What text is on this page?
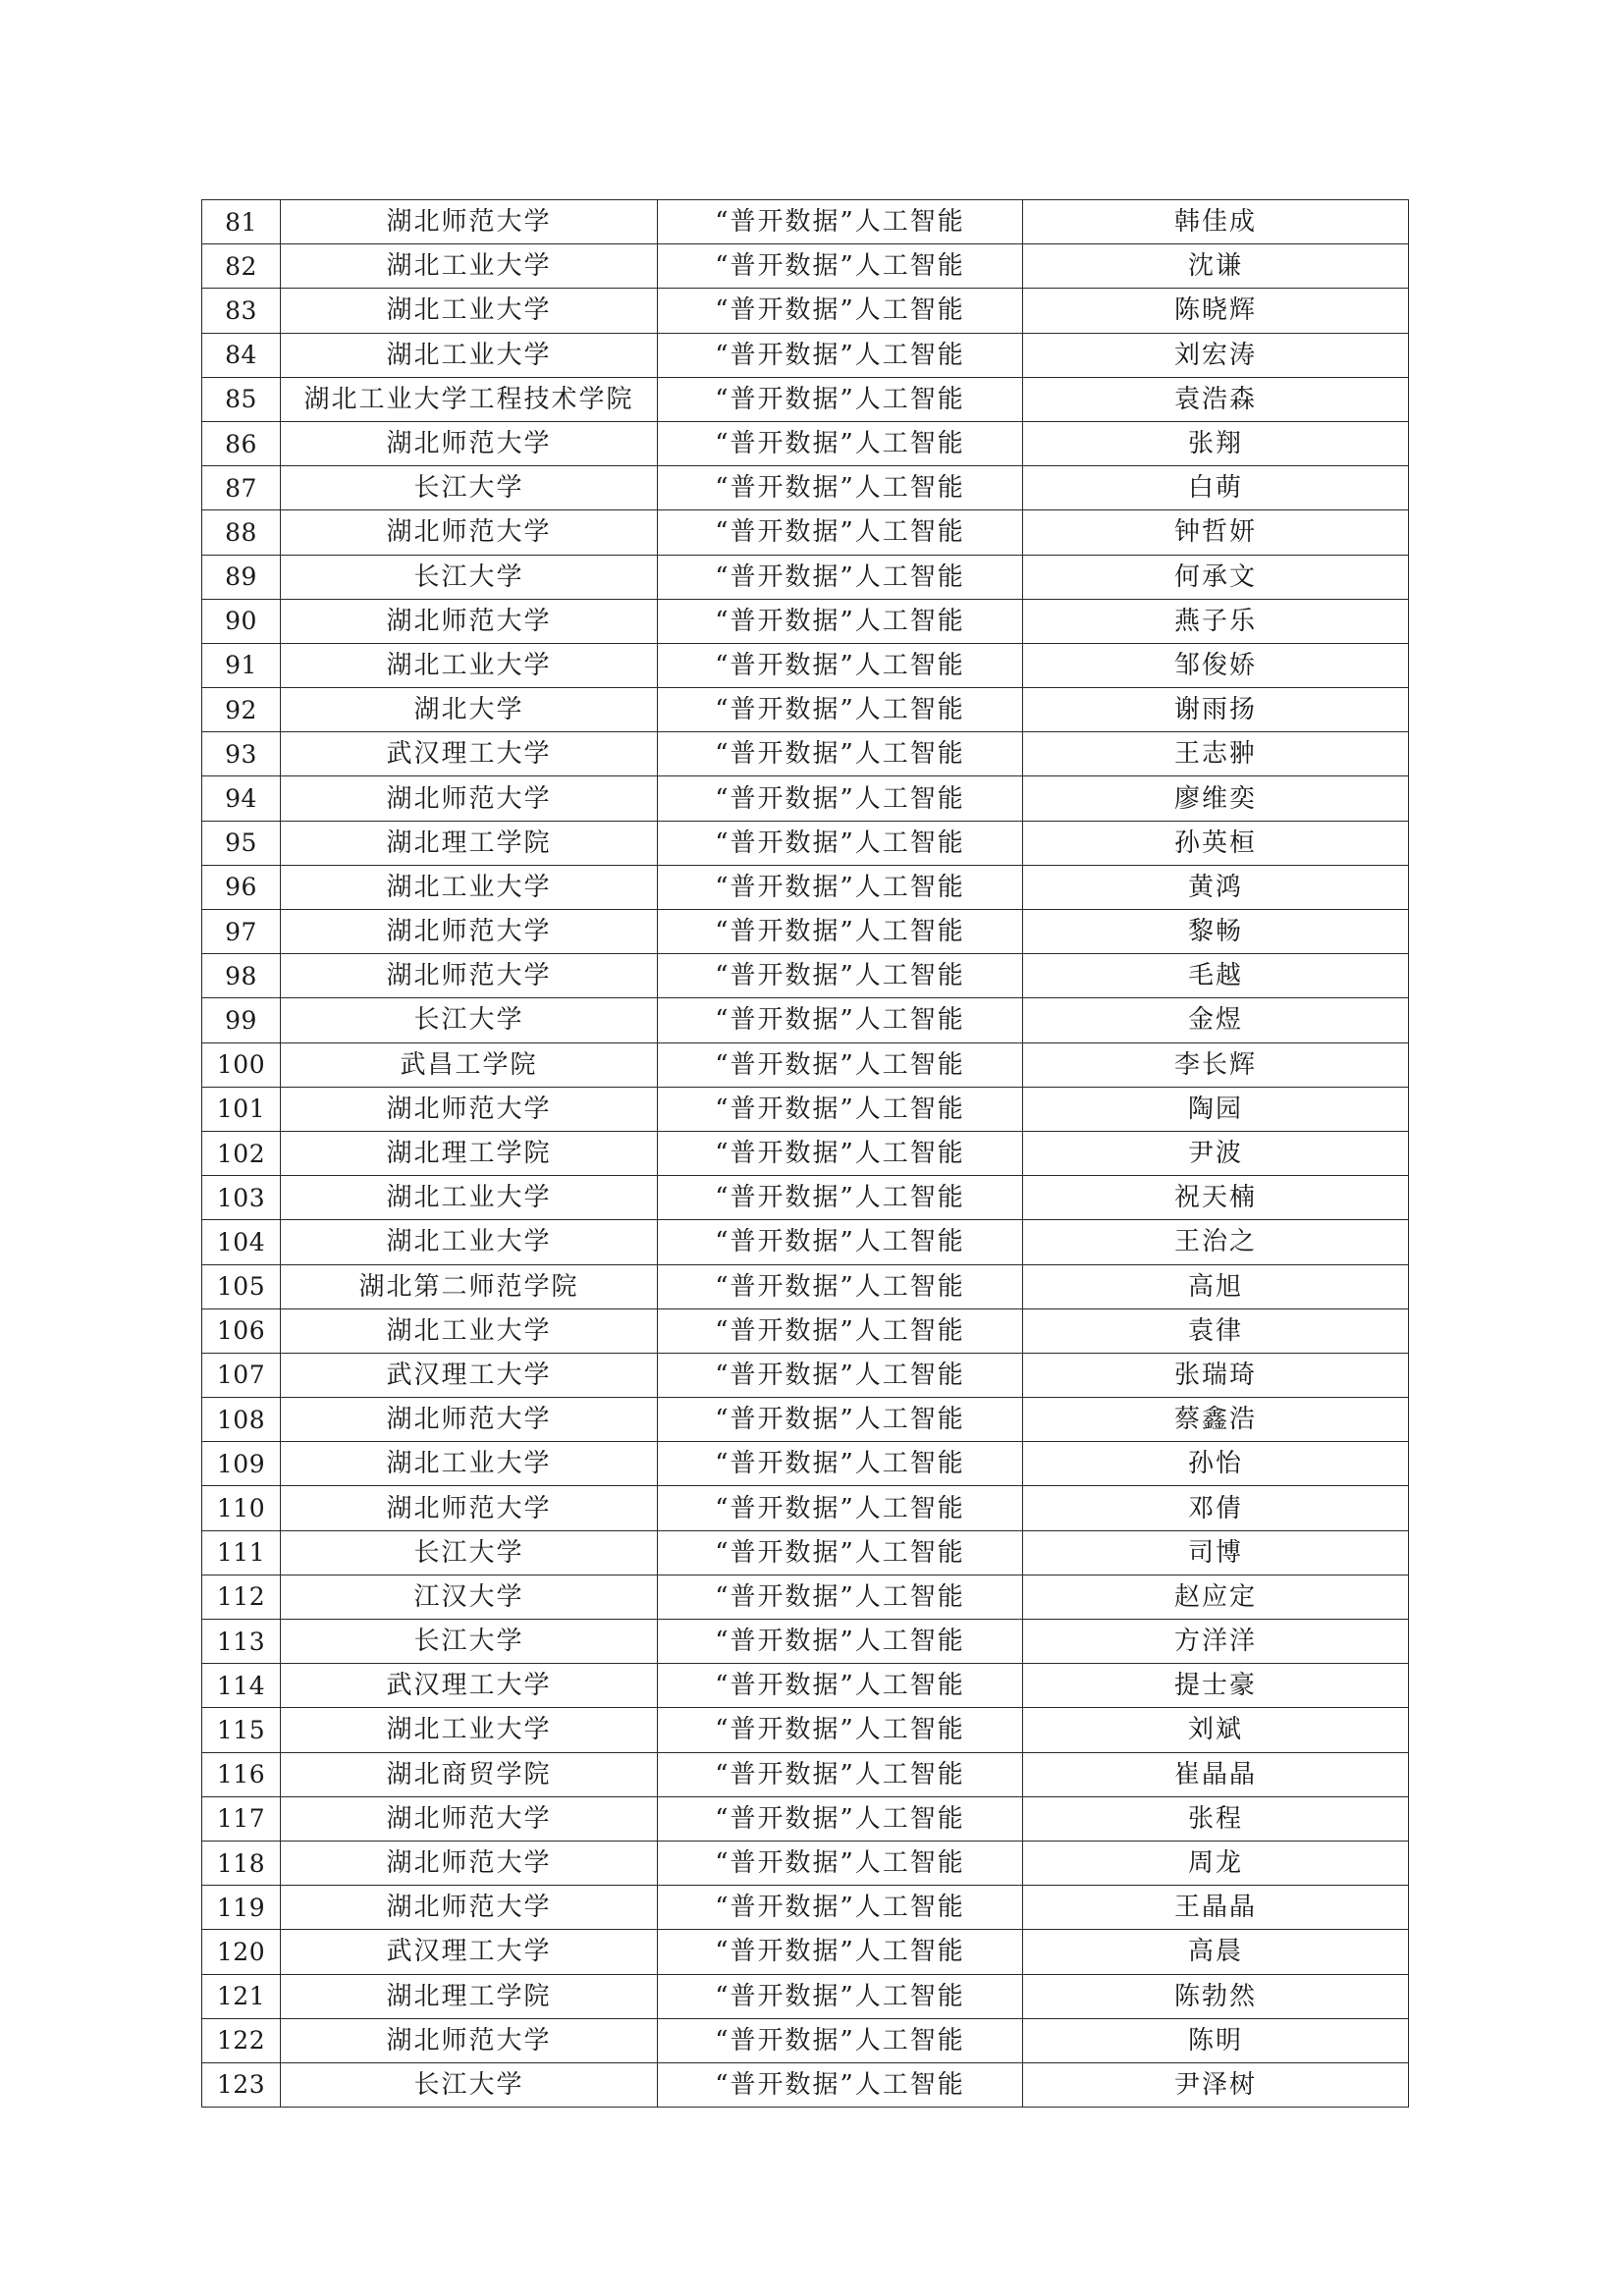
81	湖北师范大学	“普开数据”人工智能	韩佳成
82	湖北工业大学	“普开数据”人工智能	沈谦
83	湖北工业大学	“普开数据”人工智能	陈晓辉
84	湖北工业大学	“普开数据”人工智能	刘宏涛
85	湖北工业大学工程技术学院	“普开数据”人工智能	袁浩森
86	湖北师范大学	“普开数据”人工智能	张翔
87	长江大学	“普开数据”人工智能	白萌
88	湖北师范大学	“普开数据”人工智能	钟哲妍
89	长江大学	“普开数据”人工智能	何承文
90	湖北师范大学	“普开数据”人工智能	燕子乐
91	湖北工业大学	“普开数据”人工智能	邹俊娇
92	湖北大学	“普开数据”人工智能	谢雨扬
93	武汉理工大学	“普开数据”人工智能	王志翀
94	湖北师范大学	“普开数据”人工智能	廖维奕
95	湖北理工学院	“普开数据”人工智能	孙英桓
96	湖北工业大学	“普开数据”人工智能	黄鸿
97	湖北师范大学	“普开数据”人工智能	黎畅
98	湖北师范大学	“普开数据”人工智能	毛越
99	长江大学	“普开数据”人工智能	金煜
100	武昌工学院	“普开数据”人工智能	李长辉
101	湖北师范大学	“普开数据”人工智能	陶园
102	湖北理工学院	“普开数据”人工智能	尹波
103	湖北工业大学	“普开数据”人工智能	祝天楠
104	湖北工业大学	“普开数据”人工智能	王治之
105	湖北第二师范学院	“普开数据”人工智能	高旭
106	湖北工业大学	“普开数据”人工智能	袁律
107	武汉理工大学	“普开数据”人工智能	张瑞琦
108	湖北师范大学	“普开数据”人工智能	蔡鑫浩
109	湖北工业大学	“普开数据”人工智能	孙怡
110	湖北师范大学	“普开数据”人工智能	邓倩
111	长江大学	“普开数据”人工智能	司博
112	江汉大学	“普开数据”人工智能	赵应定
113	长江大学	“普开数据”人工智能	方洋洋
114	武汉理工大学	“普开数据”人工智能	提士豪
115	湖北工业大学	“普开数据”人工智能	刘斌
116	湖北商贸学院	“普开数据”人工智能	崔晶晶
117	湖北师范大学	“普开数据”人工智能	张程
118	湖北师范大学	“普开数据”人工智能	周龙
119	湖北师范大学	“普开数据”人工智能	王晶晶
120	武汉理工大学	“普开数据”人工智能	高晨
121	湖北理工学院	“普开数据”人工智能	陈勃然
122	湖北师范大学	“普开数据”人工智能	陈明
123	长江大学	“普开数据”人工智能	尹泽树
